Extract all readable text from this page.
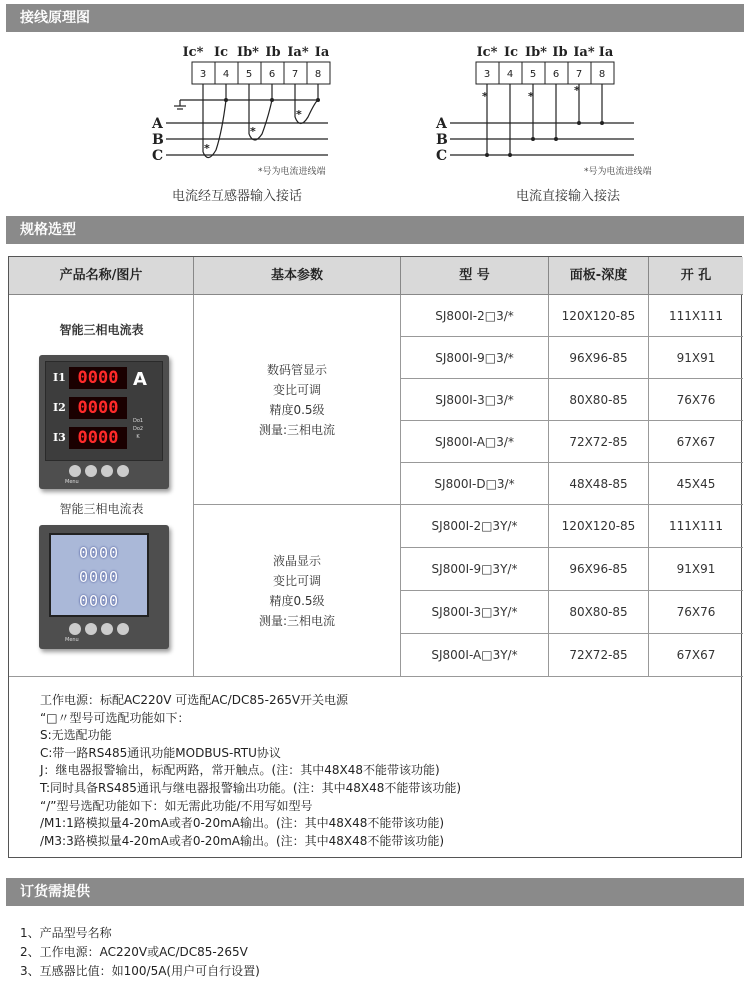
接线原理图
Ic* Ic Ib* Ib Ia* Ia
3 4 5 6 7 8
*
*
*
A
B
C
*号为电流进线端
电流经互感器输入接话
Ic* Ic Ib* Ib Ia* Ia
3 4 5 6 7 8
*	*	*
A
B
C
*号为电流进线端
电流直接输入接法
规格选型
产品名称/图片	基本参数	型 号	面板-深度	开 孔
智能三相电流表
I1
I2
I3
0000
0000
0000
A
Do1
Do2
K
Menu
智能三相电流表
0000
0000
0000
Menu
数码管显示
变比可调
精度0.5级
测量:三相电流
液晶显示
变比可调
精度0.5级
测量:三相电流
SJ800I-2□3/*	120X120-85	111X111
SJ800I-9□3/*	96X96-85	91X91
SJ800I-3□3/*	80X80-85	76X76
SJ800I-A□3/*	72X72-85	67X67
SJ800I-D□3/*	48X48-85	45X45
SJ800I-2□3Y/*	120X120-85	111X111
SJ800I-9□3Y/*	96X96-85	91X91
SJ800I-3□3Y/*	80X80-85	76X76
SJ800I-A□3Y/*	72X72-85	67X67
工作电源：标配AC220V 可选配AC/DC85-265V开关电源
“□〃型号可选配功能如下：
S:无选配功能
C:带一路RS485通讯功能MODBUS-RTU协议
J：继电器报警输出，标配两路，常开触点。(注：其中48X48不能带该功能)
T:同时具备RS485通讯与继电器报警输出功能。(注：其中48X48不能带该功能)
“/”型号选配功能如下：如无需此功能/不用写如型号
/M1:1路模拟量4-20mA或者0-20mA输出。(注：其中48X48不能带该功能)
/M3:3路模拟量4-20mA或者0-20mA输出。(注：其中48X48不能带该功能)
订货需提供
1、产品型号名称
2、工作电源：AC220V或AC/DC85-265V
3、互感器比值：如100/5A(用户可自行设置)
